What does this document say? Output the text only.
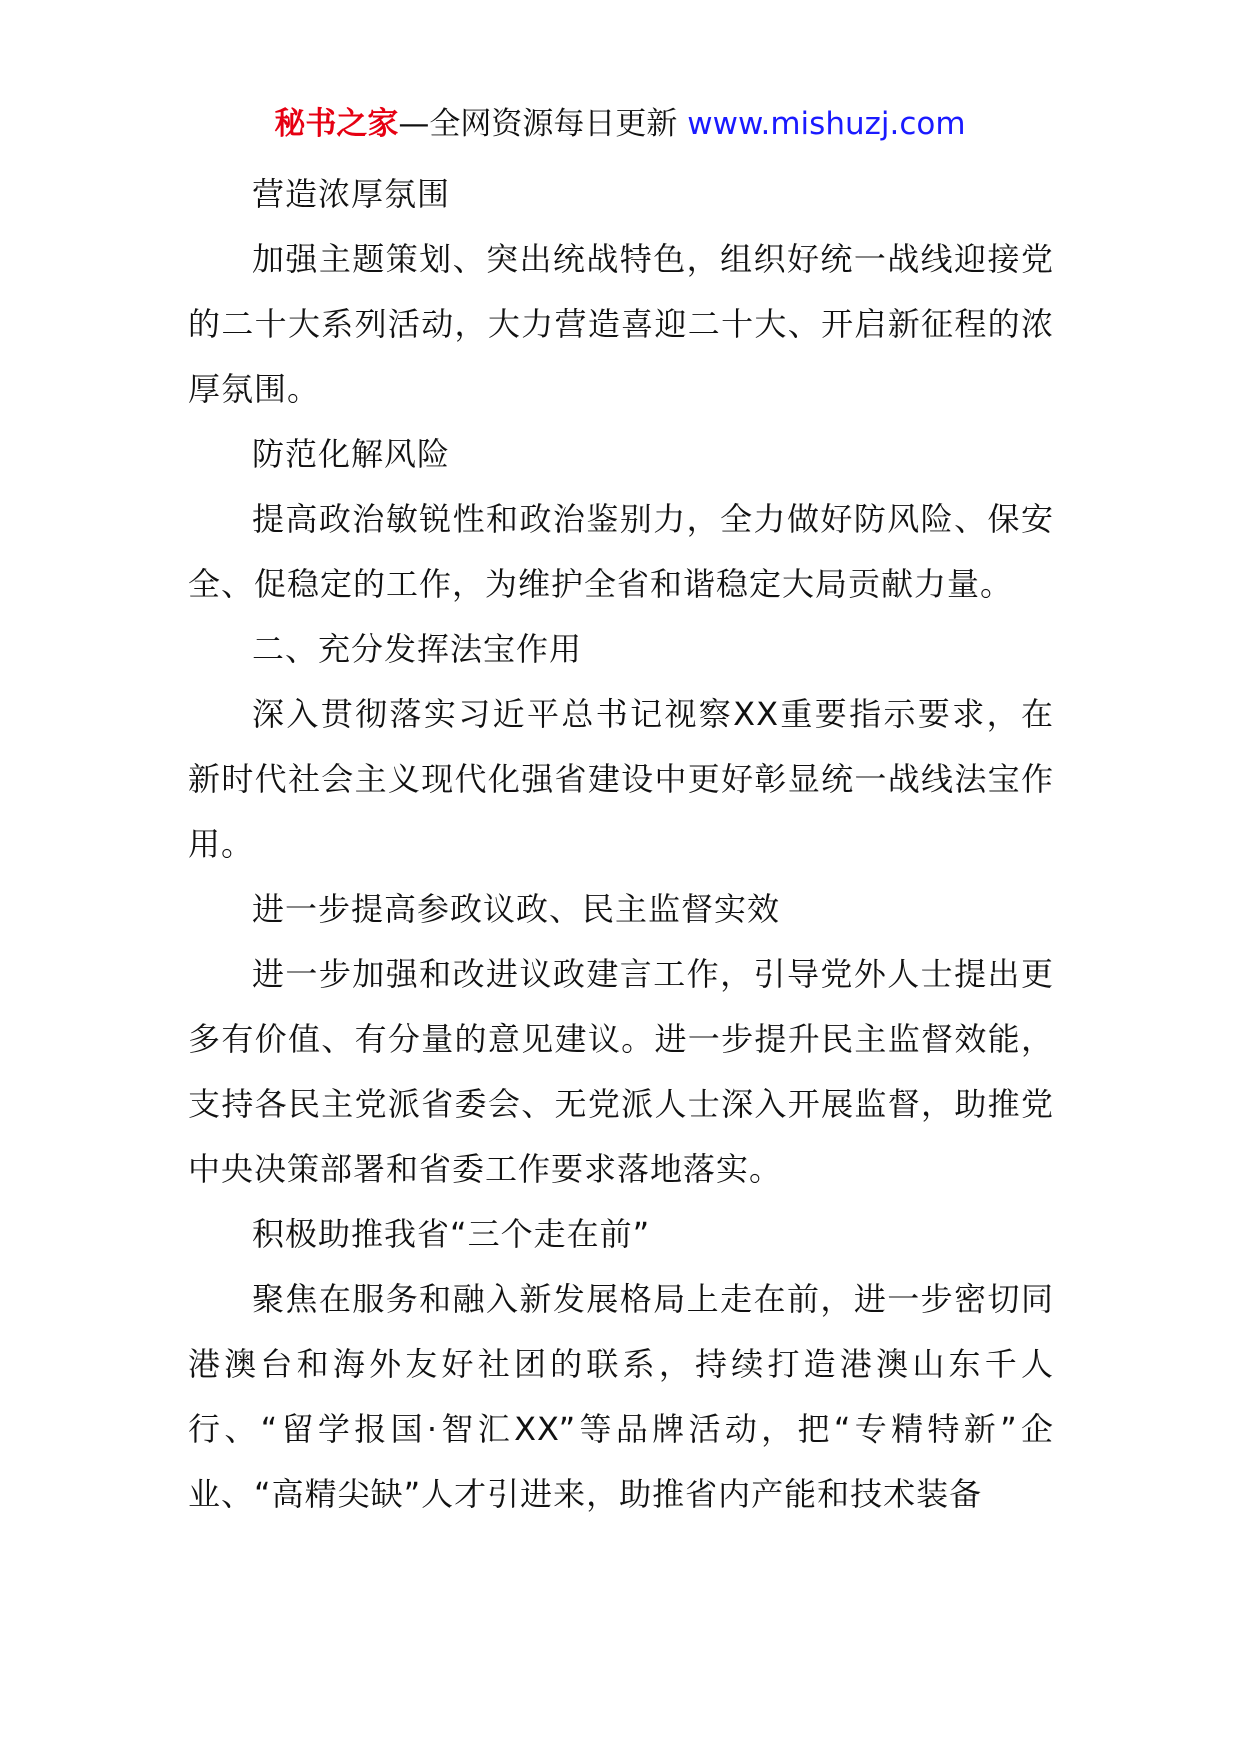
秘书之家—全网资源每日更新 www.mishuzj.com

营造浓厚氛围

加强主题策划、突出统战特色，组织好统一战线迎接党的二十大系列活动，大力营造喜迎二十大、开启新征程的浓厚氛围。

防范化解风险

提高政治敏锐性和政治鉴别力，全力做好防风险、保安全、促稳定的工作，为维护全省和谐稳定大局贡献力量。

二、充分发挥法宝作用

深入贯彻落实习近平总书记视察XX重要指示要求，在新时代社会主义现代化强省建设中更好彰显统一战线法宝作用。

进一步提高参政议政、民主监督实效

进一步加强和改进议政建言工作，引导党外人士提出更多有价值、有分量的意见建议。进一步提升民主监督效能，支持各民主党派省委会、无党派人士深入开展监督，助推党中央决策部署和省委工作要求落地落实。

积极助推我省“三个走在前”

聚焦在服务和融入新发展格局上走在前，进一步密切同港澳台和海外友好社团的联系，持续打造港澳山东千人行、“留学报国·智汇XX”等品牌活动，把“专精特新”企业、“高精尖缺”人才引进来，助推省内产能和技术装备
